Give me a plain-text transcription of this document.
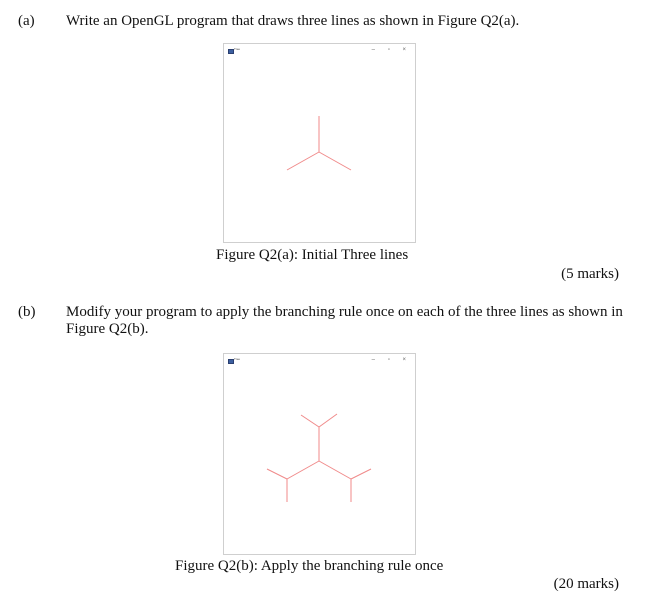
(a) Write an OpenGL program that draws three lines as shown in Figure Q2(a).
Tree	– ▫ ×
Figure Q2(a): Initial Three lines
(5 marks)
(b) Modify your program to apply the branching rule once on each of the three lines as shown in Figure Q2(b).
Tree	– ▫ ×
Figure Q2(b): Apply the branching rule once
(20 marks)
